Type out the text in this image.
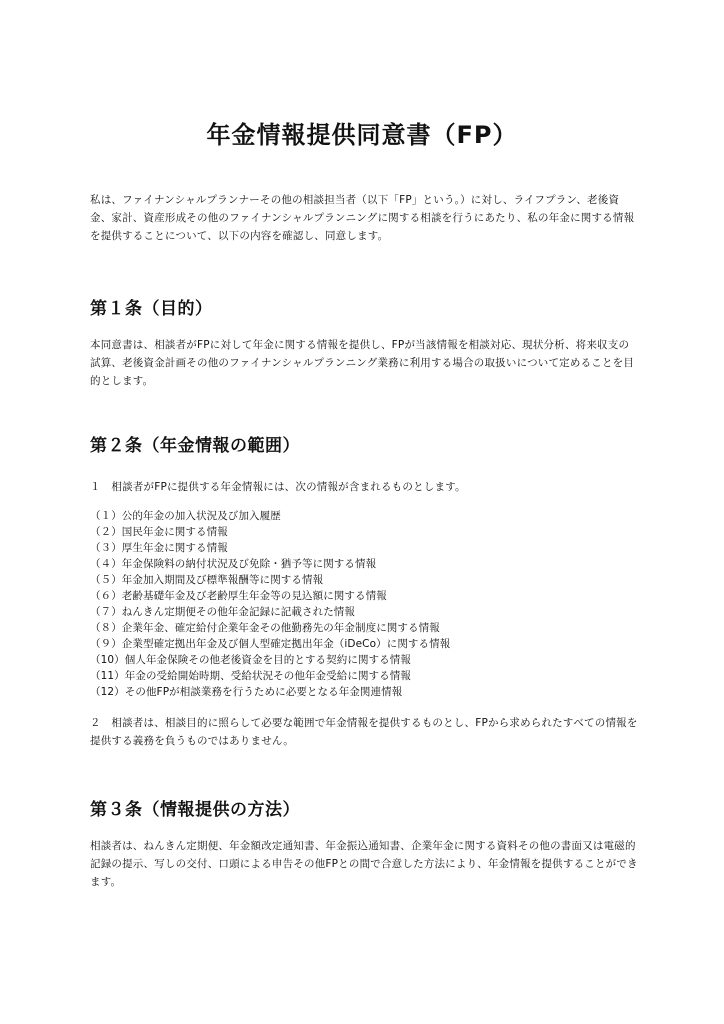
年金情報提供同意書（FP）

私は、ファイナンシャルプランナーその他の相談担当者（以下「FP」という。）に対し、ライフプラン、老後資金、家計、資産形成その他のファイナンシャルプランニングに関する相談を行うにあたり、私の年金に関する情報を提供することについて、以下の内容を確認し、同意します。

第１条（目的）

本同意書は、相談者がFPに対して年金に関する情報を提供し、FPが当該情報を相談対応、現状分析、将来収支の試算、老後資金計画その他のファイナンシャルプランニング業務に利用する場合の取扱いについて定めることを目的とします。

第２条（年金情報の範囲）

１　相談者がFPに提供する年金情報には、次の情報が含まれるものとします。

（１）公的年金の加入状況及び加入履歴
（２）国民年金に関する情報
（３）厚生年金に関する情報
（４）年金保険料の納付状況及び免除・猶予等に関する情報
（５）年金加入期間及び標準報酬等に関する情報
（６）老齢基礎年金及び老齢厚生年金等の見込額に関する情報
（７）ねんきん定期便その他年金記録に記載された情報
（８）企業年金、確定給付企業年金その他勤務先の年金制度に関する情報
（９）企業型確定拠出年金及び個人型確定拠出年金（iDeCo）に関する情報
（10）個人年金保険その他老後資金を目的とする契約に関する情報
（11）年金の受給開始時期、受給状況その他年金受給に関する情報
（12）その他FPが相談業務を行うために必要となる年金関連情報

２　相談者は、相談目的に照らして必要な範囲で年金情報を提供するものとし、FPから求められたすべての情報を提供する義務を負うものではありません。

第３条（情報提供の方法）

相談者は、ねんきん定期便、年金額改定通知書、年金振込通知書、企業年金に関する資料その他の書面又は電磁的記録の提示、写しの交付、口頭による申告その他FPとの間で合意した方法により、年金情報を提供することができます。
